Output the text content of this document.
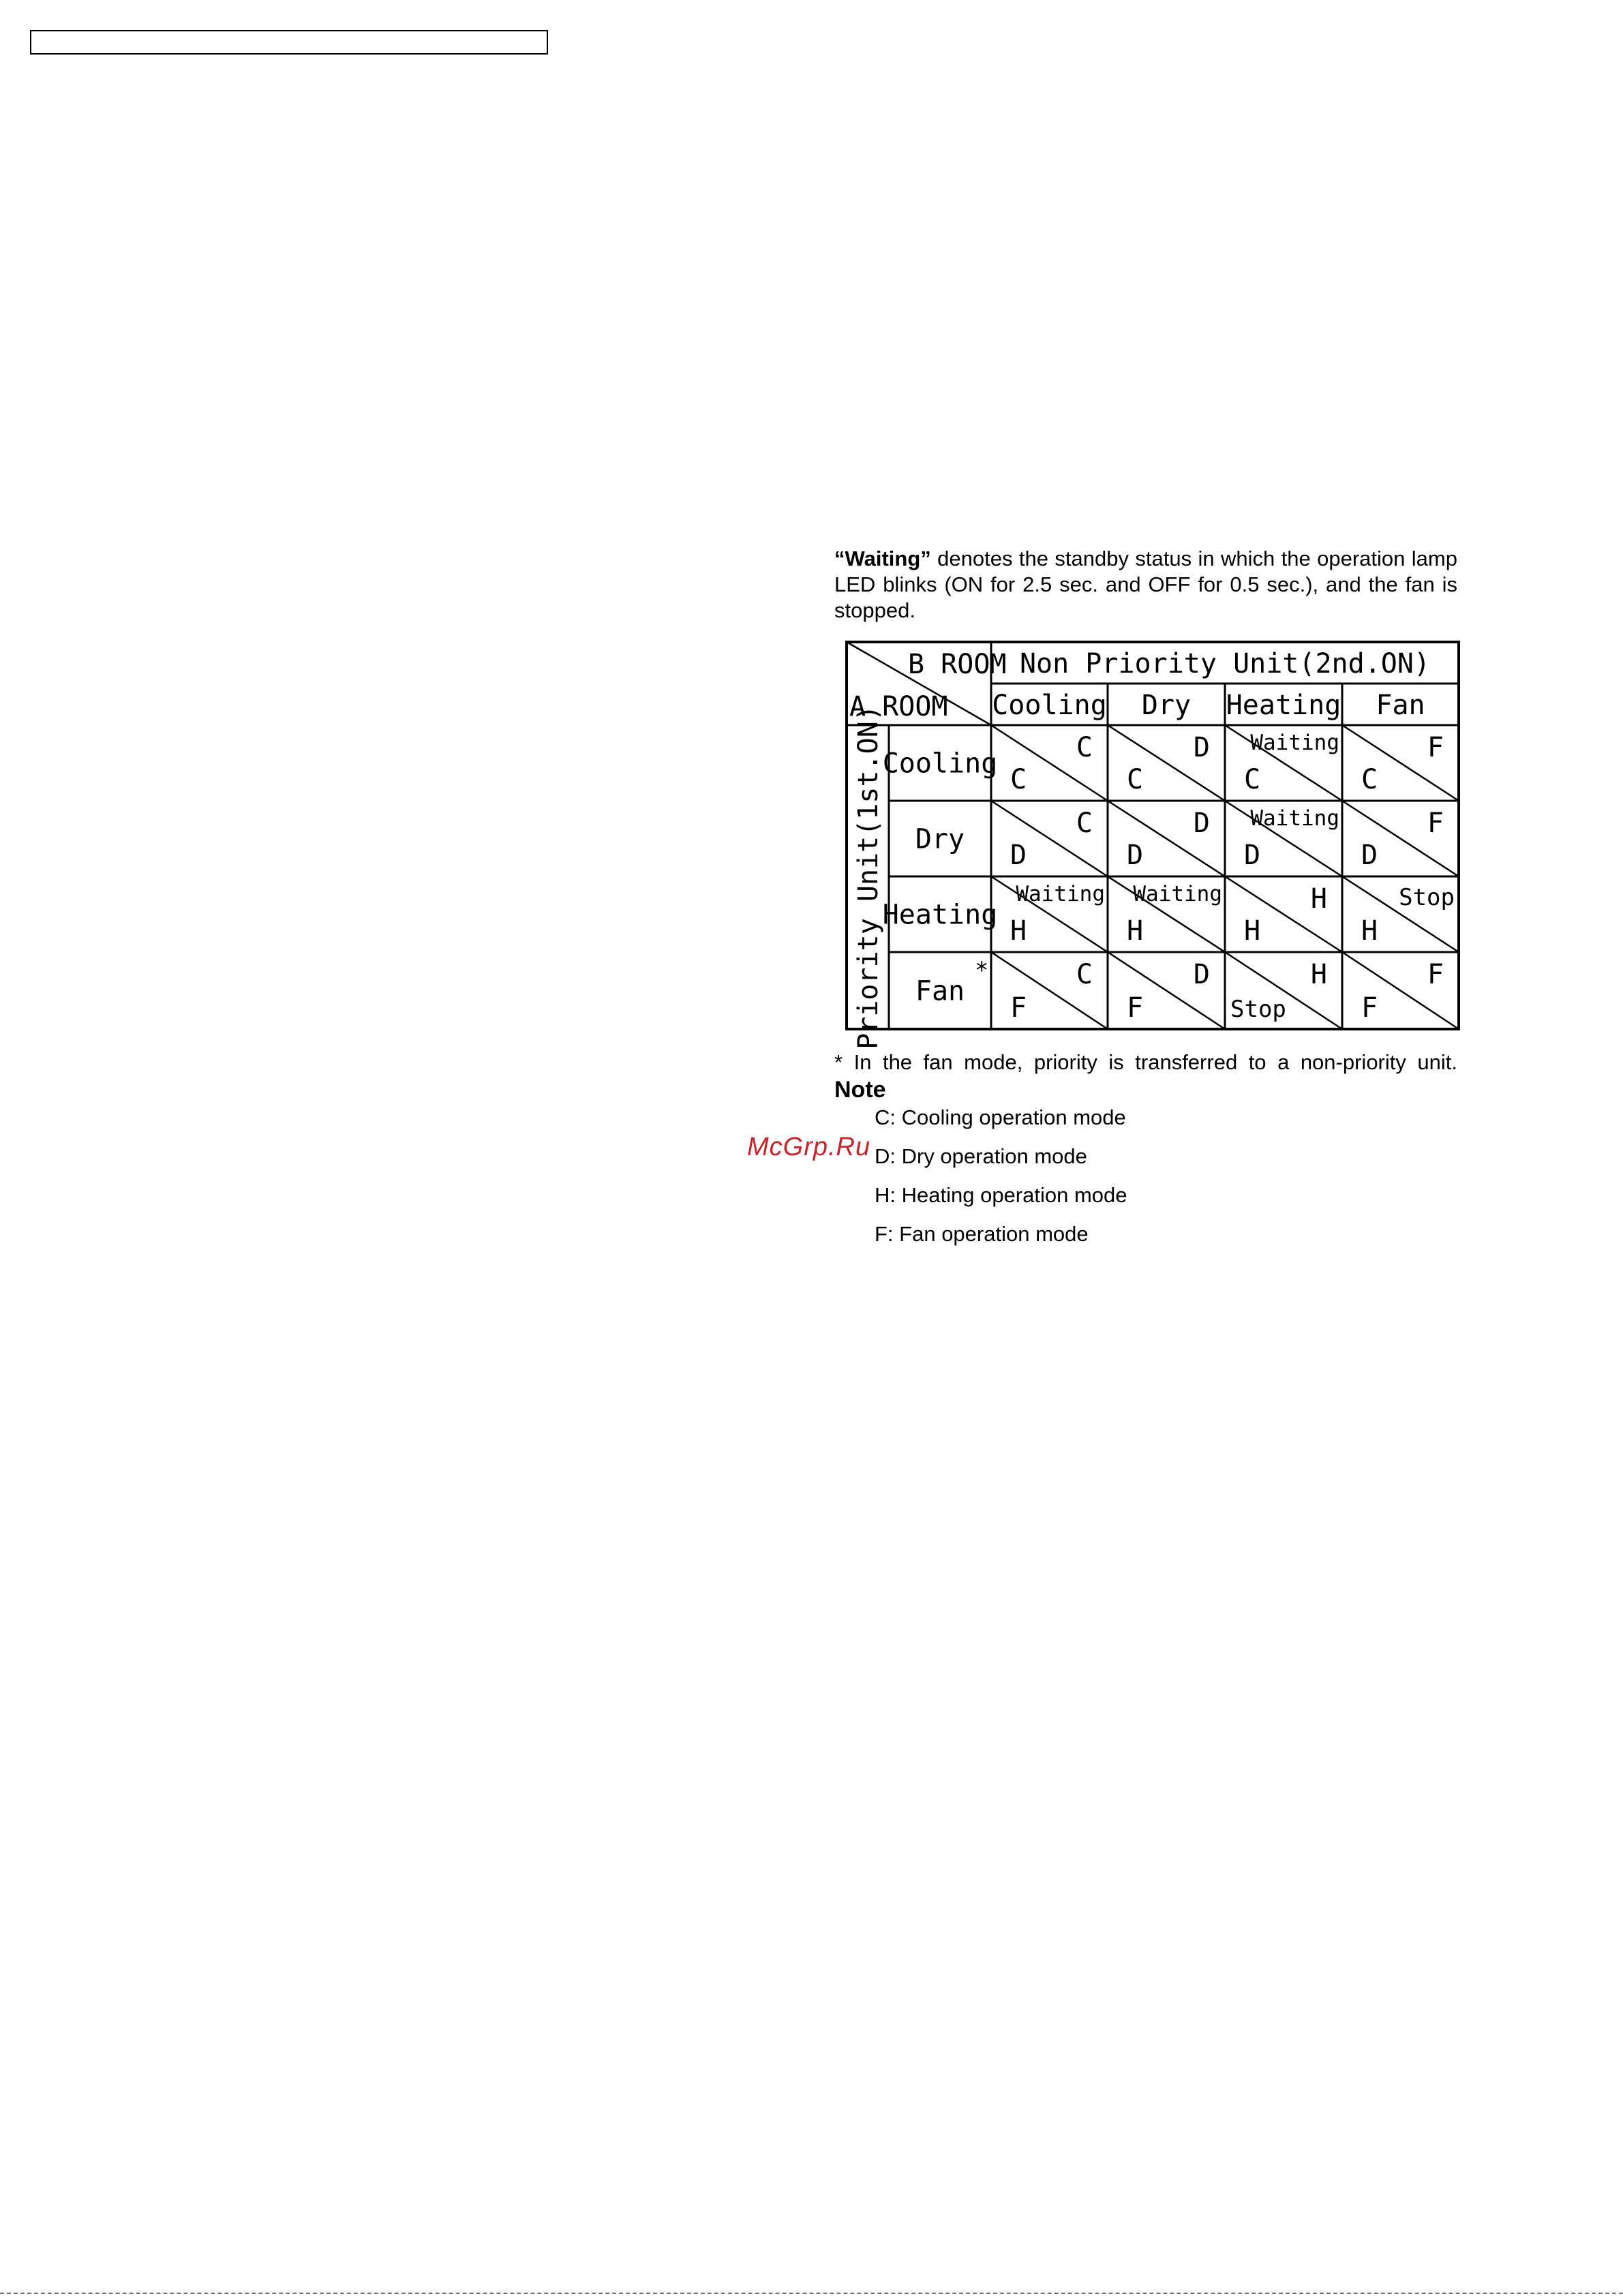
“Waiting” denotes the standby status in which the operation lamp LED blinks (ON for 2.5 sec. and OFF for 0.5 sec.), and the fan is stopped.

B ROOM
A ROOM
Non Priority Unit(2nd.ON)
Priority Unit(1st.ON)	Cooling Dry Heating Fan
Cooling
Dry
Heating
Fan
*
C
C
C
D
C
Waiting
C
F
D
C
D
D
D
Waiting
D
F
H
Waiting
H
Waiting
H
H
H
Stop
F
C
F
D
Stop
H
F
F

* In the fan mode, priority is transferred to a non-priority unit.

Note

C: Cooling operation mode
D: Dry operation mode
H: Heating operation mode
F: Fan operation mode
McGrp.Ru
